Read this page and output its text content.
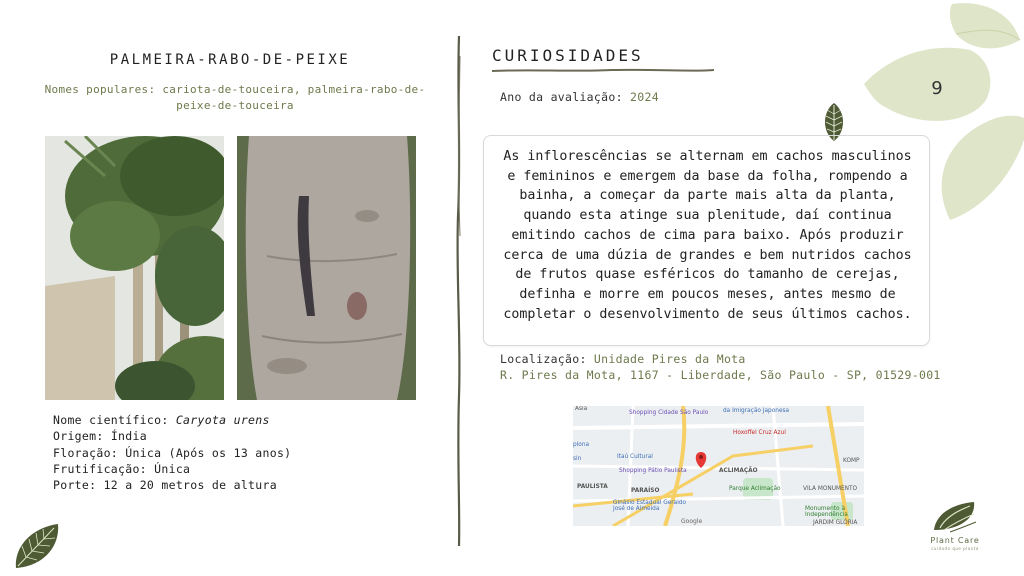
9
PALMEIRA-RABO-DE-PEIXE
Nomes populares: cariota-de-touceira, palmeira-rabo-de-peixe-de-touceira
Nome científico: Caryota urens
Origem: Índia
Floração: Única (Após os 13 anos)
Frutificação: Única
Porte: 12 a 20 metros de altura
CURIOSIDADES
Ano da avaliação: 2024
As inflorescências se alternam em cachos masculinos e femininos e emergem da base da folha, rompendo a bainha, a começar da parte mais alta da planta, quando esta atinge sua plenitude, daí continua emitindo cachos de cima para baixo. Após produzir cerca de uma dúzia de grandes e bem nutridos cachos de frutos quase esféricos do tamanho de cerejas, definha e morre em poucos meses, antes mesmo de completar o desenvolvimento de seus últimos cachos.
Localização: Unidade Pires da Mota
R. Pires da Mota, 1167 - Liberdade, São Paulo - SP, 01529-001
Shopping Cidade São Paulo	da Imigração Japonesa
Hoxoffel Cruz Azul
Itaú Cultural
Shopping Pátio Paulista	ACLIMAÇÃO
PAULISTA
PARAÍSO	Parque Aclimação	VILA MONUMENTO
Ginásio Estadual Geraldo José de Almeida	Monumento à Independência
Google
Asia
plona
sin	KOMP
JARDIM GLÓRIA
Plant Care
cuidado que planta
